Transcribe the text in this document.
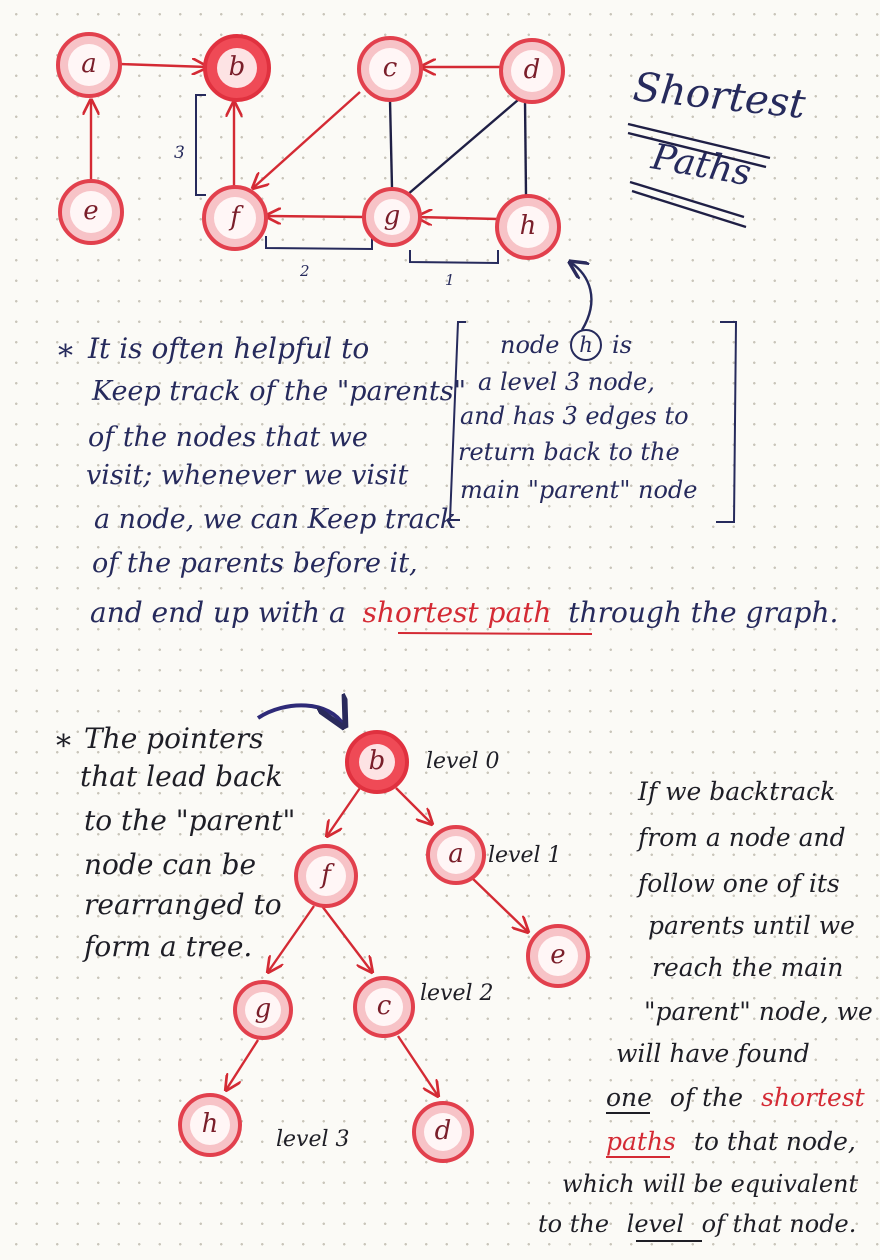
3
2	1
a	b	c	d
e	f	g	h
Shortest
Paths
* It is often helpful to
Keep track of the "parents"
of the nodes that we
visit; whenever we visit
a node, we can Keep track
of the parents before it,
and end up with a shortest path through the graph.
node h is
a level 3 node,
and has 3 edges to
return back to the
main "parent" node
* The pointers
that lead back
to the "parent"
node can be
rearranged to
form a tree.
b
f
a
e
g	c
h	d
level 0
level 1
level 2
level 3
If we backtrack
from a node and
follow one of its
parents until we
reach the main
"parent" node, we
will have found
one of the shortest
paths to that node,
which will be equivalent
to the level of that node.
